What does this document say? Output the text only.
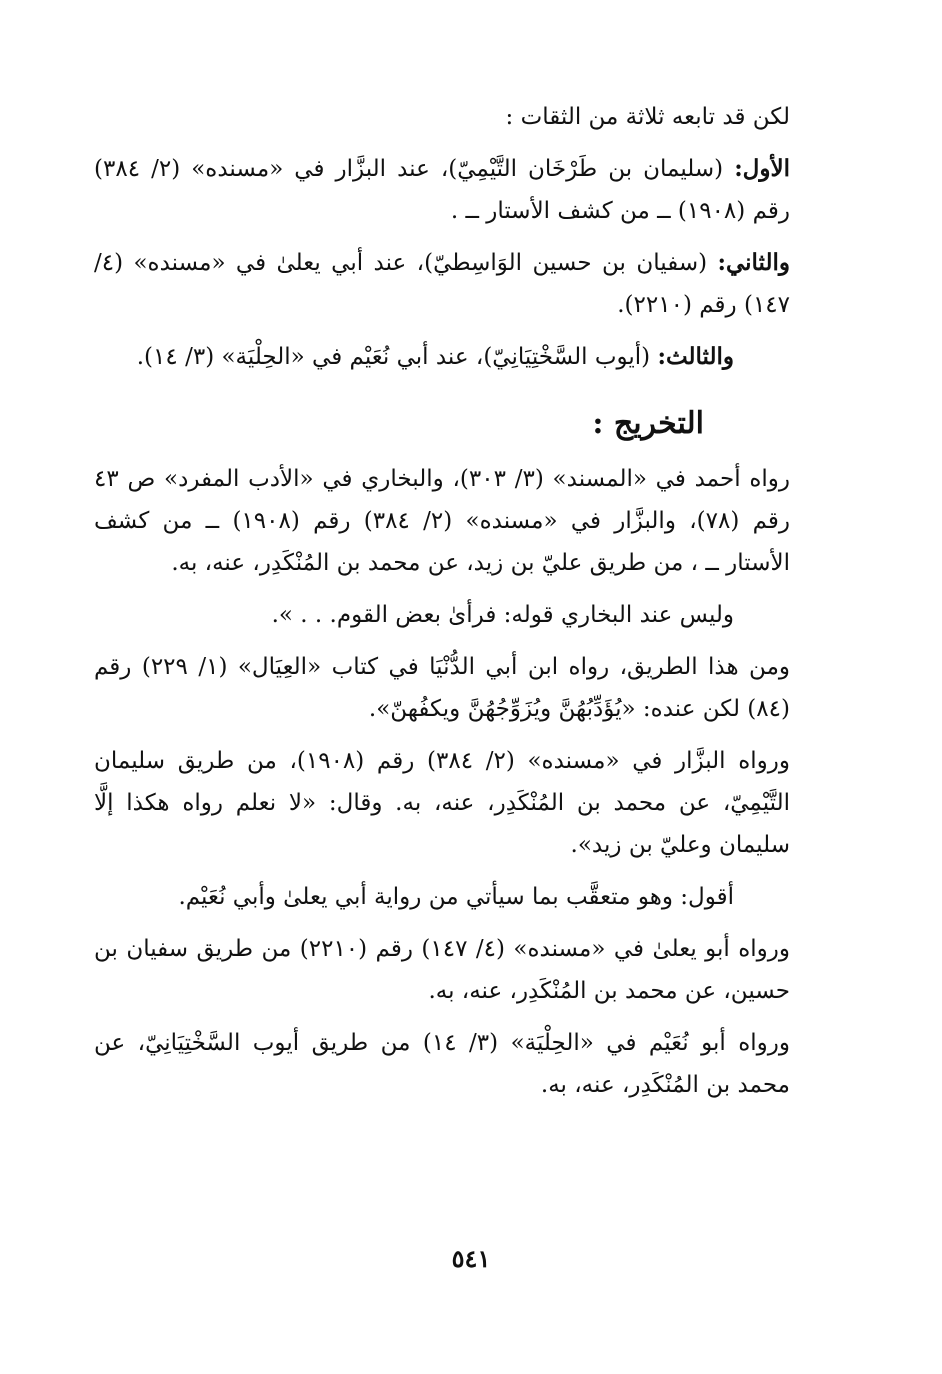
لكن قد تابعه ثلاثة من الثقات :

الأول: (سليمان بن طَرْخَان التَّيْمِيّ)، عند البزَّار في «مسنده» (٢/ ٣٨٤) رقم (١٩٠٨) ــ من كشف الأستار ــ .

والثاني: (سفيان بن حسين الوَاسِطيّ)، عند أبي يعلىٰ في «مسنده» (٤/ ١٤٧) رقم (٢٢١٠).

والثالث: (أيوب السَّخْتِيَانِيّ)، عند أبي نُعَيْم في «الحِلْيَة» (٣/ ١٤).

التخريج :

رواه أحمد في «المسند» (٣/ ٣٠٣)، والبخاري في «الأدب المفرد» ص ٤٣ رقم (٧٨)، والبزَّار في «مسنده» (٢/ ٣٨٤) رقم (١٩٠٨) ــ من كشف الأستار ــ ، من طريق عليّ بن زيد، عن محمد بن المُنْكَدِر، عنه، به.

وليس عند البخاري قوله: فرأىٰ بعض القوم. . . ».

ومن هذا الطريق، رواه ابن أبي الدُّنْيَا في كتاب «العِيَال» (١/ ٢٢٩) رقم (٨٤) لكن عنده: «يُؤَدِّبُهُنَّ ويُزَوِّجُهُنَّ ويكفُهنّ».

ورواه البزَّار في «مسنده» (٢/ ٣٨٤) رقم (١٩٠٨)، من طريق سليمان التَّيْمِيّ، عن محمد بن المُنْكَدِر، عنه، به. وقال: «لا نعلم رواه هكذا إلَّا سليمان وعليّ بن زيد».

أقول: وهو متعقَّب بما سيأتي من رواية أبي يعلىٰ وأبي نُعَيْم.

ورواه أبو يعلىٰ في «مسنده» (٤/ ١٤٧) رقم (٢٢١٠) من طريق سفيان بن حسين، عن محمد بن المُنْكَدِر، عنه، به.

ورواه أبو نُعَيْم في «الحِلْيَة» (٣/ ١٤) من طريق أيوب السَّخْتِيَانِيّ، عن محمد بن المُنْكَدِر، عنه، به.

٥٤١
